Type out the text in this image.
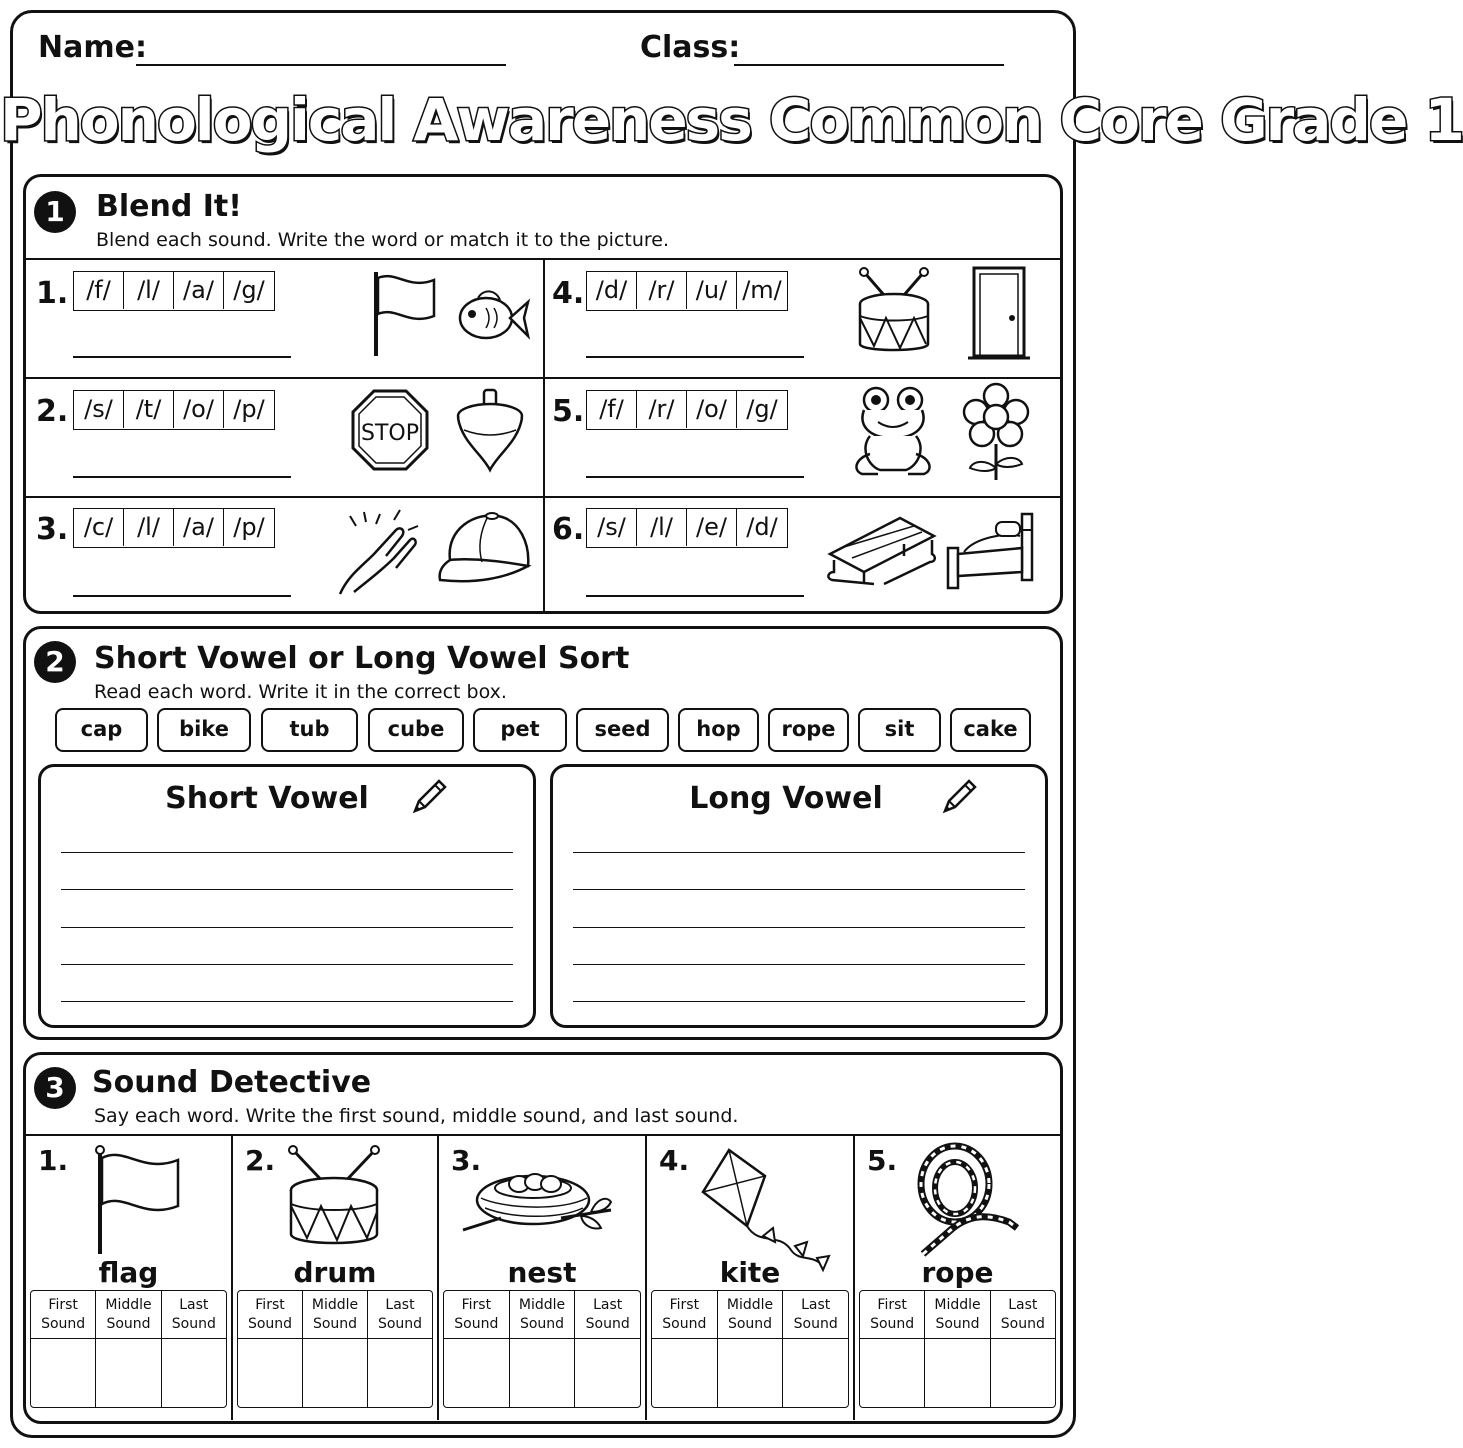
Name:	Class:
Phonological Awareness Common Core Grade 1
1	Blend It!
Blend each sound. Write the word or match it to the picture.
1. /f/	/l/ /a/ /g/
2. /s/ /t/ /o/ /p/
STOP
3. /c/ /l/ /a/ /p/
4. /d/ /r/ /u/ /m/
5. /f/	/r/ /o/ /g/
6. /s/	/l/ /e/ /d/
2 Short Vowel or Long Vowel Sort
Read each word. Write it in the correct box.
cap	bike	tub	cube	pet	seed	hop	rope	sit	cake
Short Vowel	Long Vowel
3 Sound Detective
Say each word. Write the first sound, middle sound, and last sound.
1.
flag
First Sound
Middle Sound
Last Sound
2.
drum
First Sound
Middle Sound
Last Sound
3.
nest
First Sound
Middle Sound
Last Sound
4.
kite
First Sound
Middle Sound
Last Sound
5.
rope
First Sound
Middle Sound
Last Sound
